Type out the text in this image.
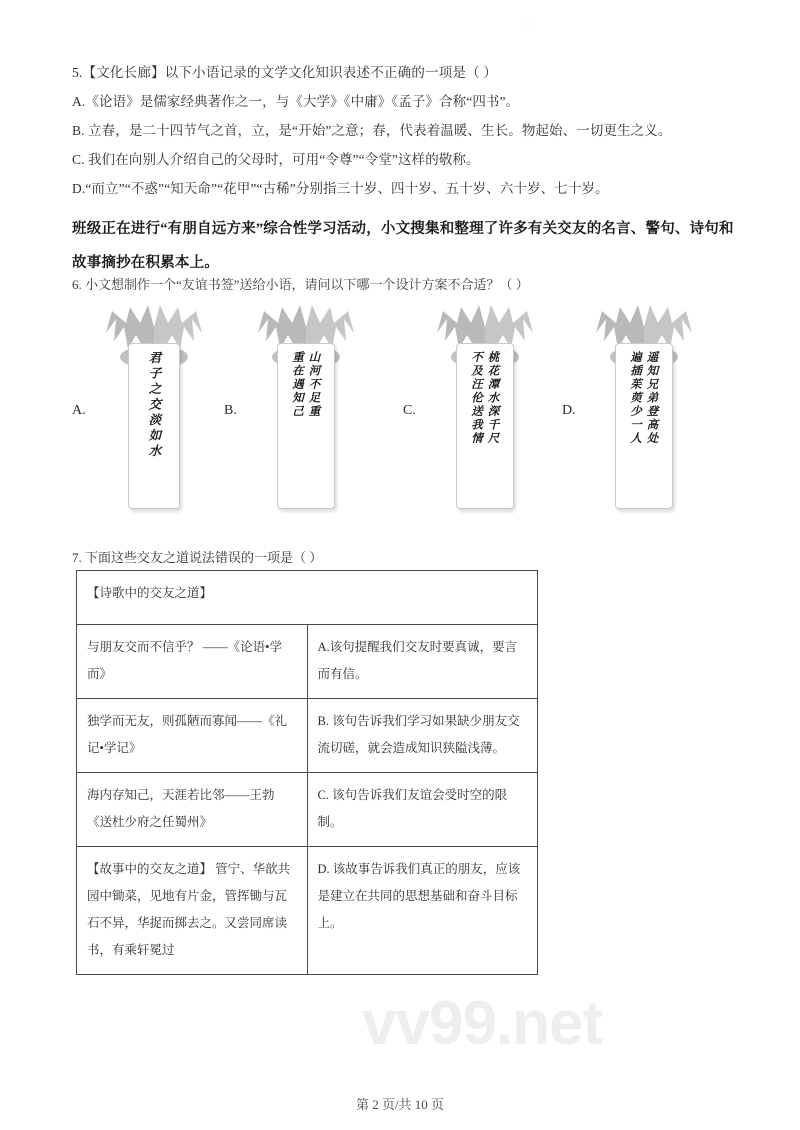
vv
vv99.net
5.【文化长廊】以下小语记录的文学文化知识表述不正确的一项是（ ）
A.《论语》是儒家经典著作之一，与《大学》《中庸》《孟子》合称“四书”。
B. 立春，是二十四节气之首，立，是“开始”之意；春，代表着温暖、生长。物起始、一切更生之义。
C. 我们在向别人介绍自己的父母时，可用“令尊”“令堂”这样的敬称。
D.“而立”“不惑”“知天命”“花甲”“古稀”分别指三十岁、四十岁、五十岁、六十岁、七十岁。
班级正在进行“有朋自远方来”综合性学习活动，小文搜集和整理了许多有关交友的名言、警句、诗句和故事摘抄在积累本上。
6. 小文想制作一个“友谊书签”送给小语，请问以下哪一个设计方案不合适？（ ）
A.	君子之交淡如水	B.	山河不足重
重在遇知己	C.	桃花潭水深千尺
不及汪伦送我情	D.	遥知兄弟登高处
遍插茱萸少一人
7. 下面这些交友之道说法错误的一项是（ ）
【诗歌中的交友之道】	
与朋友交而不信乎？ ——《论语•学而》	A.该句提醒我们交友时要真诚，要言而有信。
独学而无友，则孤陋而寡闻——《礼记•学记》	B. 该句告诉我们学习如果缺少朋友交流切磋，就会造成知识狭隘浅薄。
海内存知己，天涯若比邻——王勃《送杜少府之任蜀州》	C. 该句告诉我们友谊会受时空的限制。
【故事中的交友之道】 管宁、华歆共园中锄菜，见地有片金，管挥锄与瓦石不异，华捉而掷去之。又尝同席读书，有乘轩冕过	D. 该故事告诉我们真正的朋友，应该是建立在共同的思想基础和奋斗目标上。
第 2 页/共 10 页
